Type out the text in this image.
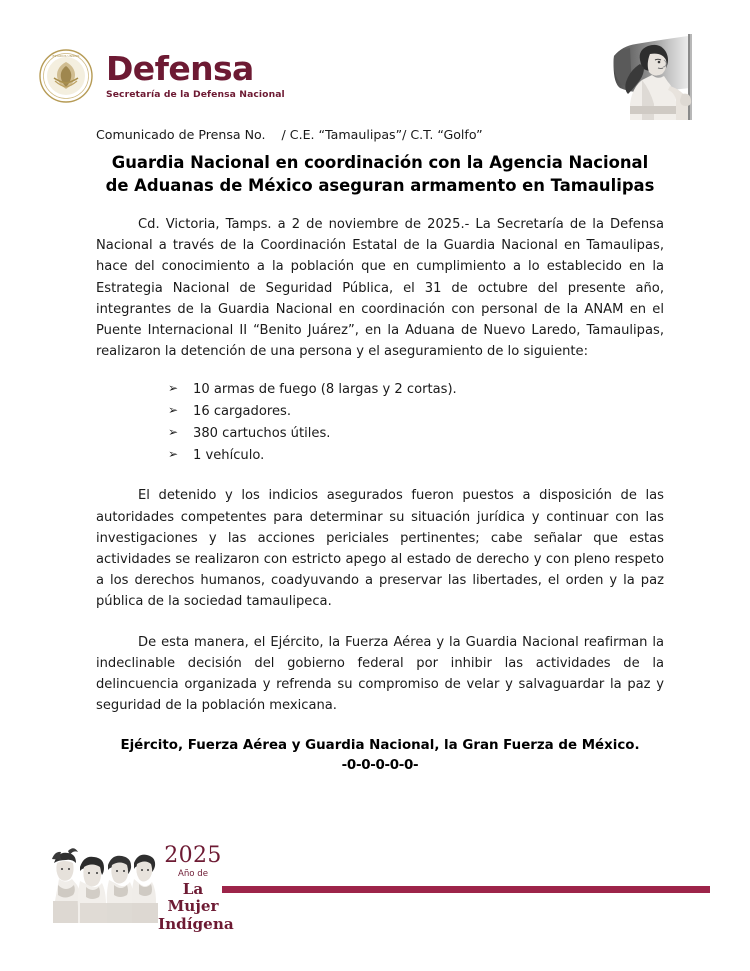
ESTADOS UNIDOS Defensa
Secretaría de la Defensa Nacional
Comunicado de Prensa No.    / C.E. “Tamaulipas”/ C.T. “Golfo”
Guardia Nacional en coordinación con la Agencia Nacional
de Aduanas de México aseguran armamento en Tamaulipas

Cd. Victoria, Tamps. a 2 de noviembre de 2025.- La Secretaría de la Defensa Nacional a través de la Coordinación Estatal de la Guardia Nacional en Tamaulipas, hace del conocimiento a la población que en cumplimiento a lo establecido en la Estrategia Nacional de Seguridad Pública, el 31 de octubre del presente año, integrantes de la Guardia Nacional en coordinación con personal de la ANAM en el Puente Internacional II “Benito Juárez”, en la Aduana de Nuevo Laredo, Tamaulipas, realizaron la detención de una persona y el aseguramiento de lo siguiente:

➢ 10 armas de fuego (8 largas y 2 cortas).
➢ 16 cargadores.
➢ 380 cartuchos útiles.
➢ 1 vehículo.

El detenido y los indicios asegurados fueron puestos a disposición de las autoridades competentes para determinar su situación jurídica y continuar con las investigaciones y las acciones periciales pertinentes; cabe señalar que estas actividades se realizaron con estricto apego al estado de derecho y con pleno respeto a los derechos humanos, coadyuvando a preservar las libertades, el orden y la paz pública de la sociedad tamaulipeca.

De esta manera, el Ejército, la Fuerza Aérea y la Guardia Nacional reafirman la indeclinable decisión del gobierno federal por inhibir las actividades de la delincuencia organizada y refrenda su compromiso de velar y salvaguardar la paz y seguridad de la población mexicana.

Ejército, Fuerza Aérea y Guardia Nacional, la Gran Fuerza de México.
-0-0-0-0-0-
2025
Año de
La Mujer
Indígena
